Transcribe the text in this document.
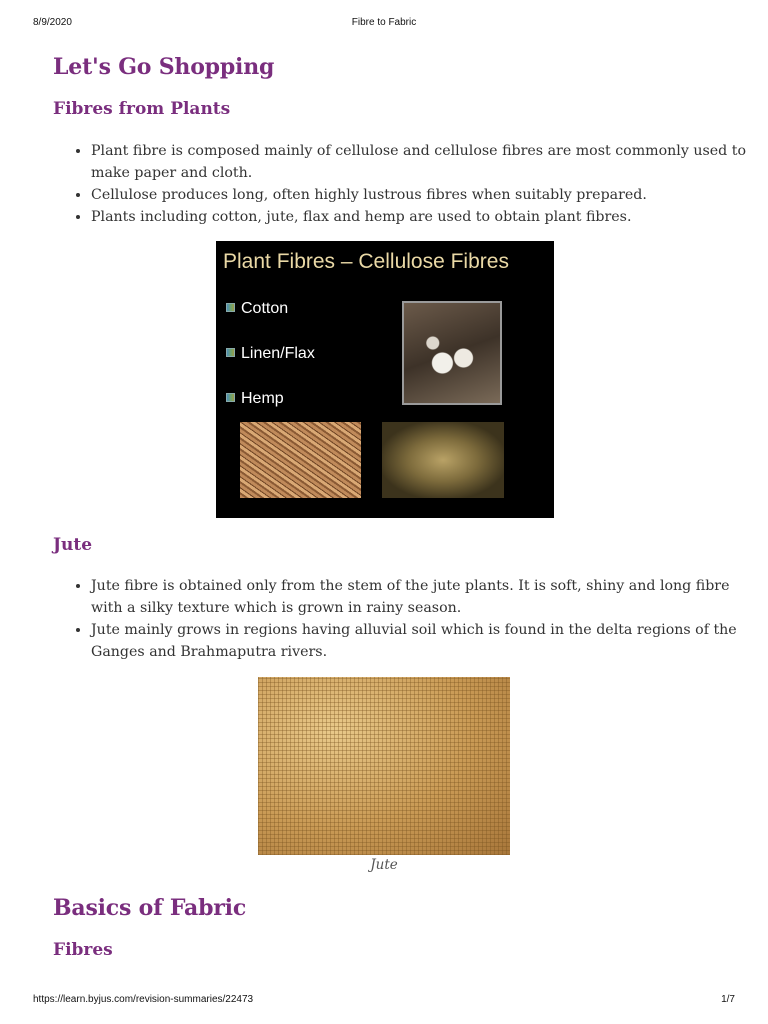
8/9/2020	Fibre to Fabric
Let's Go Shopping
Fibres from Plants
• Plant fibre is composed mainly of cellulose and cellulose fibres are most commonly used to make paper and cloth.
• Cellulose produces long, often highly lustrous fibres when suitably prepared.
• Plants including cotton, jute, flax and hemp are used to obtain plant fibres.
Plant Fibres – Cellulose Fibres
Cotton
Linen/Flax
Hemp
Jute
• Jute fibre is obtained only from the stem of the jute plants. It is soft, shiny and long fibre with a silky texture which is grown in rainy season.
• Jute mainly grows in regions having alluvial soil which is found in the delta regions of the Ganges and Brahmaputra rivers.
Jute
Basics of Fabric
Fibres
https://learn.byjus.com/revision-summaries/22473	1/7
